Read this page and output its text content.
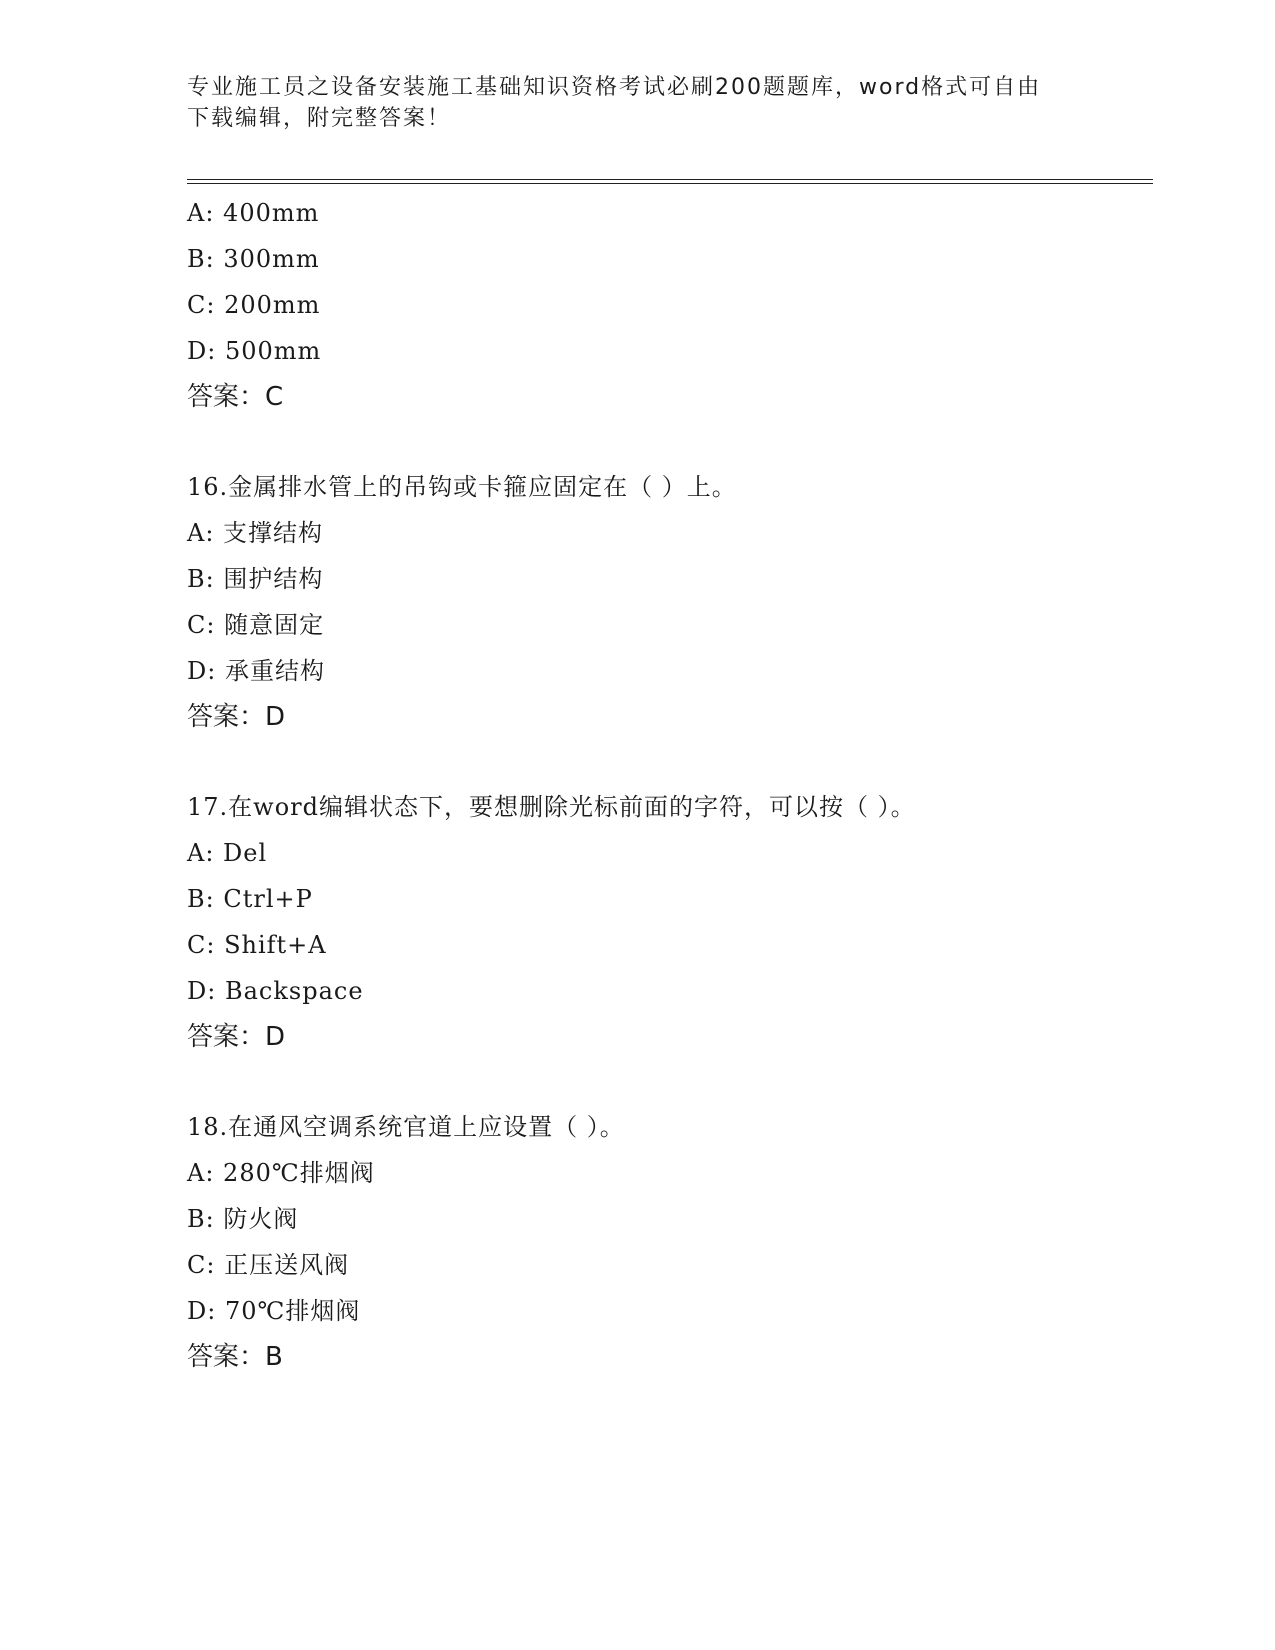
专业施工员之设备安装施工基础知识资格考试必刷200题题库，word格式可自由
下载编辑，附完整答案！
A: 400mm
B: 300mm
C: 200mm
D: 500mm
答案：C
16.金属排水管上的吊钩或卡箍应固定在（ ）上。
A: 支撑结构
B: 围护结构
C: 随意固定
D: 承重结构
答案：D
17.在word编辑状态下，要想删除光标前面的字符，可以按（ ）。
A: Del
B: Ctrl+P
C: Shift+A
D: Backspace
答案：D
18.在通风空调系统官道上应设置（ ）。
A: 280℃排烟阀
B: 防火阀
C: 正压送风阀
D: 70℃排烟阀
答案：B
